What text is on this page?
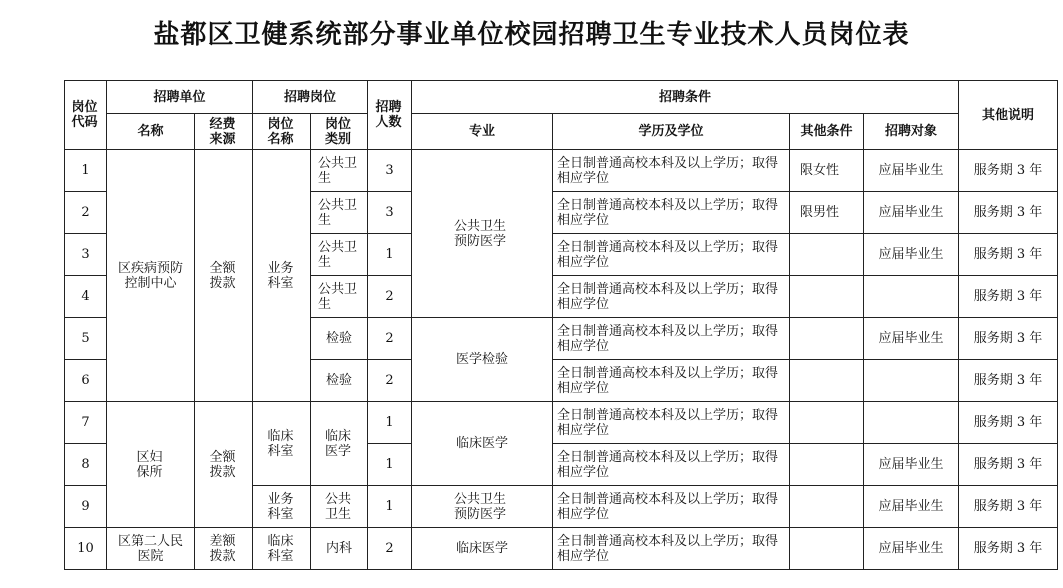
盐都区卫健系统部分事业单位校园招聘卫生专业技术人员岗位表
岗位代码	招聘单位		招聘岗位		招聘人数	招聘条件				其他说明
	名称	经费来源	岗位名称	岗位类别		专业	学历及学位	其他条件	招聘对象	
1	区疾病预防控制中心	全额拨款	业务科室	公共卫生	3	公共卫生预防医学	全日制普通高校本科及以上学历；取得相应学位	限女性	应届毕业生	服务期 3 年
2				公共卫生	3		全日制普通高校本科及以上学历；取得相应学位	限男性	应届毕业生	服务期 3 年
3				公共卫生	1		全日制普通高校本科及以上学历；取得相应学位		应届毕业生	服务期 3 年
4				公共卫生	2		全日制普通高校本科及以上学历；取得相应学位			服务期 3 年
5				检验	2	医学检验	全日制普通高校本科及以上学历；取得相应学位		应届毕业生	服务期 3 年
6				检验	2		全日制普通高校本科及以上学历；取得相应学位			服务期 3 年
7	区妇保所	全额拨款	临床科室	临床医学	1	临床医学	全日制普通高校本科及以上学历；取得相应学位			服务期 3 年
8					1		全日制普通高校本科及以上学历；取得相应学位		应届毕业生	服务期 3 年
9			业务科室	公共卫生	1	公共卫生预防医学	全日制普通高校本科及以上学历；取得相应学位		应届毕业生	服务期 3 年
10	区第二人民医院	差额拨款	临床科室	内科	2	临床医学	全日制普通高校本科及以上学历；取得相应学位		应届毕业生	服务期 3 年
